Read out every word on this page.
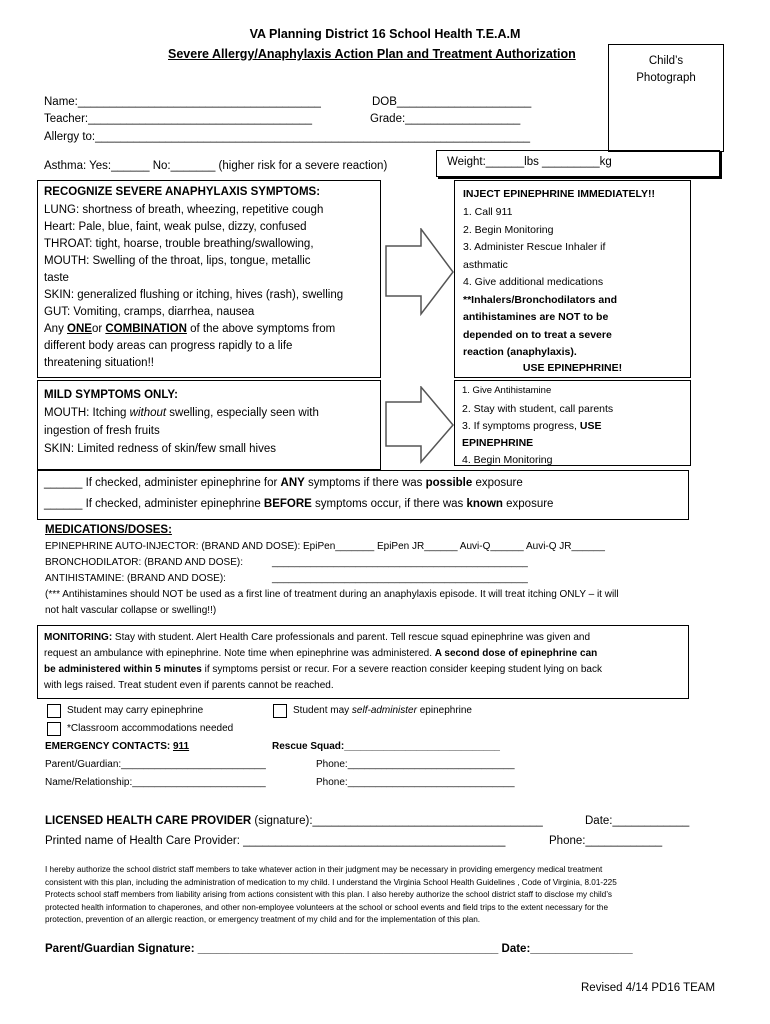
VA Planning District 16 School Health T.E.A.M
Severe Allergy/Anaphylaxis Action Plan and Treatment Authorization	Child’s
Photograph
Name:______________________________________	DOB_____________________
Teacher:___________________________________	Grade:__________________
Allergy to:____________________________________________________________________
Asthma: Yes:______ No:_______ (higher risk for a severe reaction)	Weight:______lbs _________kg
RECOGNIZE SEVERE ANAPHYLAXIS SYMPTOMS:
LUNG: shortness of breath, wheezing, repetitive cough
Heart: Pale, blue, faint, weak pulse, dizzy, confused
THROAT: tight, hoarse, trouble breathing/swallowing,
MOUTH: Swelling of the throat, lips, tongue, metallic
taste
SKIN: generalized flushing or itching, hives (rash), swelling
GUT: Vomiting, cramps, diarrhea, nausea
Any ONEor COMBINATION of the above symptoms from
different body areas can progress rapidly to a life
threatening situation!!
INJECT EPINEPHRINE IMMEDIATELY!!
1. Call 911
2. Begin Monitoring
3. Administer Rescue Inhaler if
asthmatic
4. Give additional medications
**Inhalers/Bronchodilators and
antihistamines are NOT to be
depended on to treat a severe
reaction (anaphylaxis).
USE EPINEPHRINE!
MILD SYMPTOMS ONLY:
MOUTH: Itching without swelling, especially seen with
ingestion of fresh fruits
SKIN: Limited redness of skin/few small hives
1. Give Antihistamine
2. Stay with student, call parents
3. If symptoms progress, USE
EPINEPHRINE
4. Begin Monitoring
______ If checked, administer epinephrine for ANY symptoms if there was possible exposure
______ If checked, administer epinephrine BEFORE symptoms occur, if there was known exposure
MEDICATIONS/DOSES:
EPINEPHRINE AUTO-INJECTOR: (BRAND AND DOSE): EpiPen_______ EpiPen JR______ Auvi-Q______ Auvi-Q JR______
BRONCHODILATOR: (BRAND AND DOSE):	______________________________________________
ANTIHISTAMINE: (BRAND AND DOSE):	______________________________________________
(*** Antihistamines should NOT be used as a first line of treatment during an anaphylaxis episode. It will treat itching ONLY – it will
not halt vascular collapse or swelling!!)
MONITORING: Stay with student. Alert Health Care professionals and parent. Tell rescue squad epinephrine was given and
request an ambulance with epinephrine. Note time when epinephrine was administered. A second dose of epinephrine can
be administered within 5 minutes if symptoms persist or recur. For a severe reaction consider keeping student lying on back
with legs raised. Treat student even if parents cannot be reached.
Student may carry epinephrine	Student may self-administer epinephrine
*Classroom accommodations needed
EMERGENCY CONTACTS: 911	Rescue Squad:____________________________
Parent/Guardian:__________________________	Phone:______________________________
Name/Relationship:________________________	Phone:______________________________
LICENSED HEALTH CARE PROVIDER (signature):____________________________________	Date:____________
Printed name of Health Care Provider: _________________________________________	Phone:____________
I hereby authorize the school district staff members to take whatever action in their judgment may be necessary in providing emergency medical treatment
consistent with this plan, including the administration of medication to my child. I understand the Virginia School Health Guidelines , Code of Virginia, 8.01-225
Protects school staff members from liability arising from actions consistent with this plan. I also hereby authorize the school district staff to disclose my child’s
protected health information to chaperones, and other non-employee volunteers at the school or school events and field trips to the extent necessary for the
protection, prevention of an allergic reaction, or emergency treatment of my child and for the implementation of this plan.
Parent/Guardian Signature: _______________________________________________ Date:________________
Revised 4/14 PD16 TEAM
